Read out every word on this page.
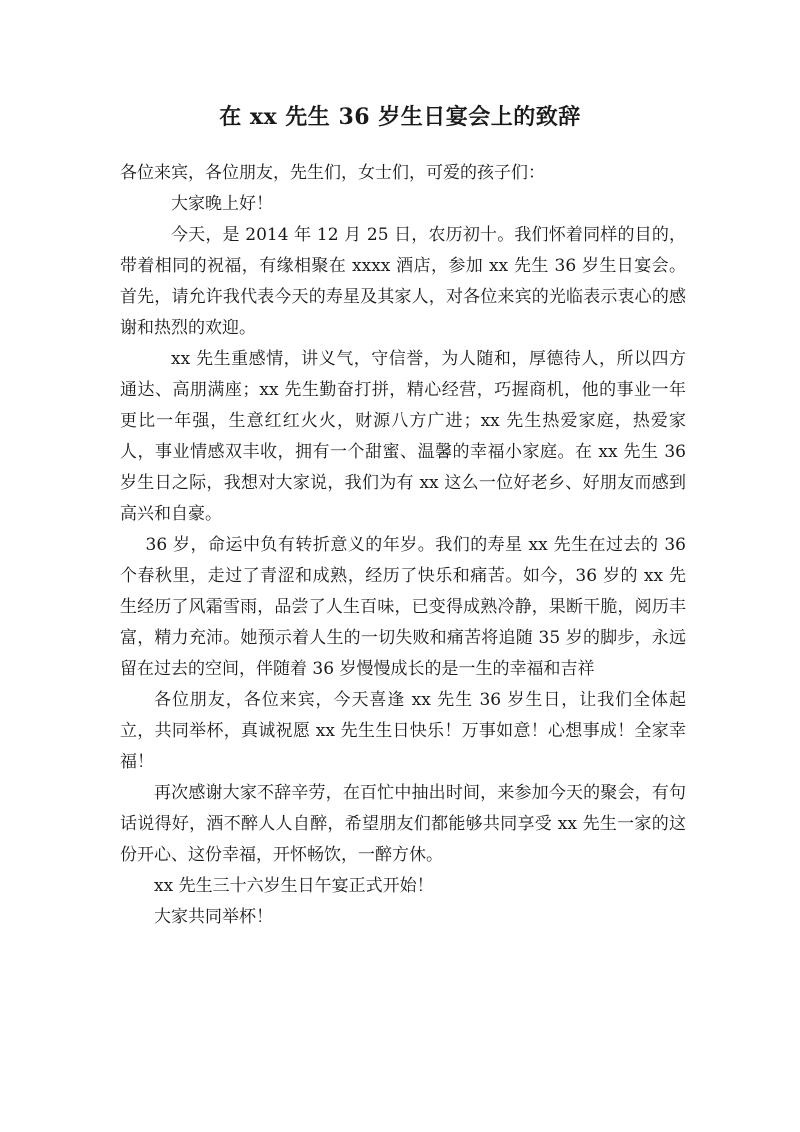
在 xx 先生 36 岁生日宴会上的致辞

各位来宾，各位朋友，先生们，女士们，可爱的孩子们：

大家晚上好！

今天，是 2014 年 12 月 25 日，农历初十。我们怀着同样的目的，带着相同的祝福，有缘相聚在 xxxx 酒店，参加 xx 先生 36 岁生日宴会。首先，请允许我代表今天的寿星及其家人，对各位来宾的光临表示衷心的感谢和热烈的欢迎。

xx 先生重感情，讲义气，守信誉，为人随和，厚德待人，所以四方通达、高朋满座；xx 先生勤奋打拼，精心经营，巧握商机，他的事业一年更比一年强，生意红红火火，财源八方广进；xx 先生热爱家庭，热爱家人，事业情感双丰收，拥有一个甜蜜、温馨的幸福小家庭。在 xx 先生 36 岁生日之际，我想对大家说，我们为有 xx 这么一位好老乡、好朋友而感到高兴和自豪。

36 岁，命运中负有转折意义的年岁。我们的寿星 xx 先生在过去的 36 个春秋里，走过了青涩和成熟，经历了快乐和痛苦。如今，36 岁的 xx 先生经历了风霜雪雨，品尝了人生百味，已变得成熟冷静，果断干脆，阅历丰富，精力充沛。她预示着人生的一切失败和痛苦将追随 35 岁的脚步，永远留在过去的空间，伴随着 36 岁慢慢成长的是一生的幸福和吉祥

各位朋友，各位来宾，今天喜逢 xx 先生 36 岁生日，让我们全体起立，共同举杯，真诚祝愿 xx 先生生日快乐！万事如意！心想事成！全家幸福！

再次感谢大家不辞辛劳，在百忙中抽出时间，来参加今天的聚会，有句话说得好，酒不醉人人自醉，希望朋友们都能够共同享受 xx 先生一家的这份开心、这份幸福，开怀畅饮，一醉方休。

xx 先生三十六岁生日午宴正式开始！

大家共同举杯！
